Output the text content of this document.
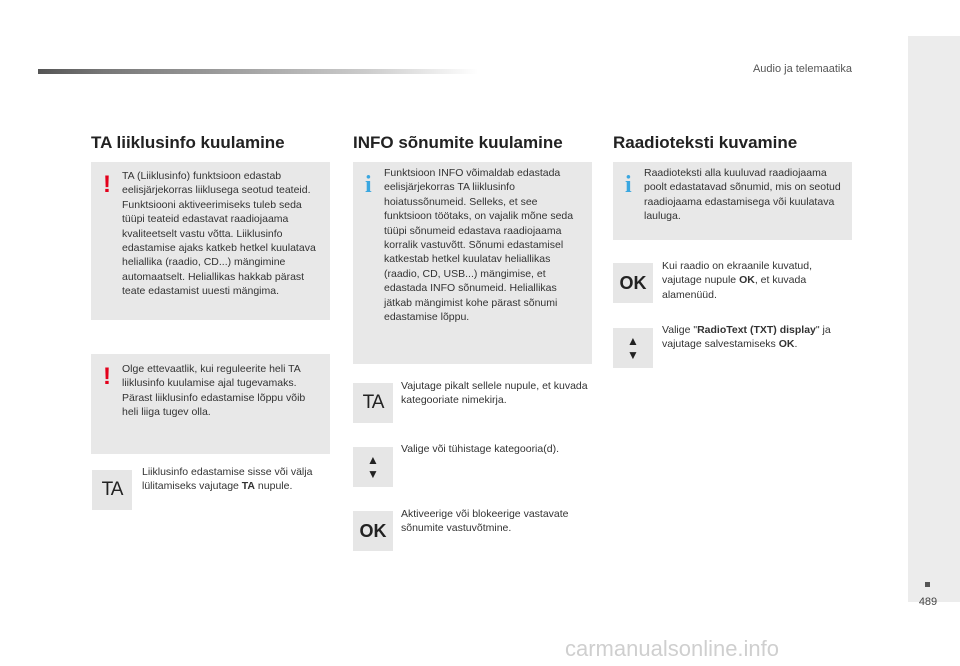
Audio ja telemaatika
489
TA liiklusinfo kuulamine
! TA (Liiklusinfo) funktsioon edastab eelisjärjekorras liiklusega seotud teateid. Funktsiooni aktiveerimiseks tuleb seda tüüpi teateid edastavat raadiojaama kvaliteetselt vastu võtta. Liiklusinfo edastamise ajaks katkeb hetkel kuulatava heliallika (raadio, CD...) mängimine automaatselt. Heliallikas hakkab pärast teate edastamist uuesti mängima.
! Olge ettevaatlik, kui reguleerite heli TA liiklusinfo kuulamise ajal tugevamaks. Pärast liiklusinfo edastamise lõppu võib heli liiga tugev olla.
TA
Liiklusinfo edastamise sisse või välja lülitamiseks vajutage TA nupule.
INFO sõnumite kuulamine
i Funktsioon INFO võimaldab edastada eelisjärjekorras TA liiklusinfo hoiatussõnumeid. Selleks, et see funktsioon töötaks, on vajalik mõne seda tüüpi sõnumeid edastava raadiojaama korralik vastuvõtt. Sõnumi edastamisel katkestab hetkel kuulatav heliallikas (raadio, CD, USB...) mängimise, et edastada INFO sõnumeid. Heliallikas jätkab mängimist kohe pärast sõnumi edastamise lõppu.
TA
Vajutage pikalt sellele nupule, et kuvada kategooriate nimekirja.
▲
▼
Valige või tühistage kategooria(d).
OK
Aktiveerige või blokeerige vastavate sõnumite vastuvõtmine.
Raadioteksti kuvamine
i Raadioteksti alla kuuluvad raadiojaama poolt edastatavad sõnumid, mis on seotud raadiojaama edastamisega või kuulatava lauluga.
OK
Kui raadio on ekraanile kuvatud, vajutage nupule OK, et kuvada alamenüüd.
▲
▼
Valige "RadioText (TXT) display" ja vajutage salvestamiseks OK.
carmanualsonline.info
